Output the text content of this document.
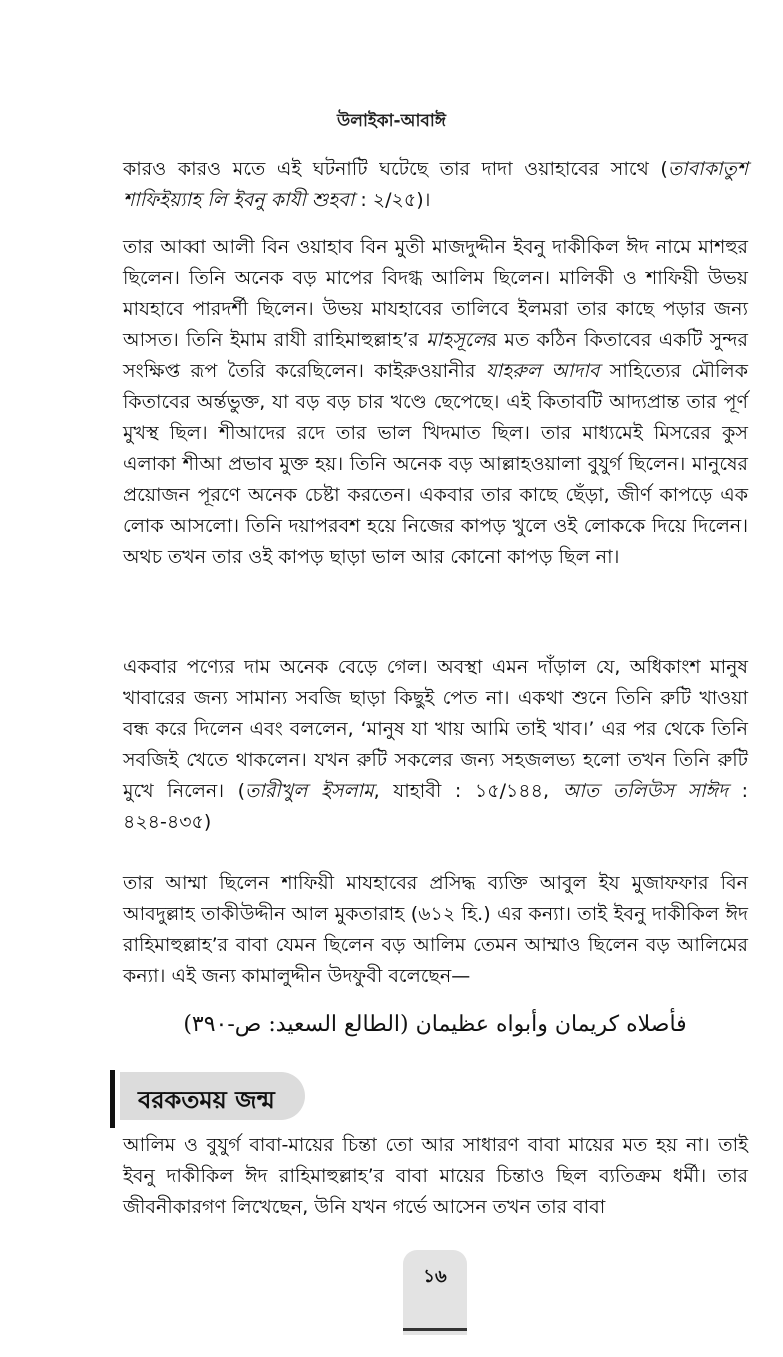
উলাইকা-আবাঈ

কারও কারও মতে এই ঘটনাটি ঘটেছে তার দাদা ওয়াহাবের সাথে (তাবাকাতুশ শাফিইয়্যাহ লি ইবনু কাযী শুহবা : ২/২৫)।

তার আব্বা আলী বিন ওয়াহাব বিন মুতী মাজদুদ্দীন ইবনু দাকীকিল ঈদ নামে মাশহুর ছিলেন। তিনি অনেক বড় মাপের বিদগ্ধ আলিম ছিলেন। মালিকী ও শাফিয়ী উভয় মাযহাবে পারদর্শী ছিলেন। উভয় মাযহাবের তালিবে ইলমরা তার কাছে পড়ার জন্য আসত। তিনি ইমাম রাযী রাহিমাহুল্লাহ’র মাহসূলের মত কঠিন কিতাবের একটি সুন্দর সংক্ষিপ্ত রূপ তৈরি করেছিলেন। কাইরুওয়ানীর যাহরুল আদাব সাহিত্যের মৌলিক কিতাবের অর্ন্তভুক্ত, যা বড় বড় চার খণ্ডে ছেপেছে। এই কিতাবটি আদ্যপ্রান্ত তার পূর্ণ মুখস্থ ছিল। শীআদের রদে তার ভাল খিদমাত ছিল। তার মাধ্যমেই মিসরের কুস এলাকা শীআ প্রভাব মুক্ত হয়। তিনি অনেক বড় আল্লাহওয়ালা বুযুর্গ ছিলেন। মানুষের প্রয়োজন পূরণে অনেক চেষ্টা করতেন। একবার তার কাছে ছেঁড়া, জীর্ণ কাপড়ে এক লোক আসলো। তিনি দয়াপরবশ হয়ে নিজের কাপড় খুলে ওই লোককে দিয়ে দিলেন। অথচ তখন তার ওই কাপড় ছাড়া ভাল আর কোনো কাপড় ছিল না।

একবার পণ্যের দাম অনেক বেড়ে গেল। অবস্থা এমন দাঁড়াল যে, অধিকাংশ মানুষ খাবারের জন্য সামান্য সবজি ছাড়া কিছুই পেত না। একথা শুনে তিনি রুটি খাওয়া বন্ধ করে দিলেন এবং বললেন, ‘মানুষ যা খায় আমি তাই খাব।’ এর পর থেকে তিনি সবজিই খেতে থাকলেন। যখন রুটি সকলের জন্য সহজলভ্য হলো তখন তিনি রুটি মুখে নিলেন। (তারীখুল ইসলাম, যাহাবী : ১৫/১৪৪, আত তলিউস সাঈদ : ৪২৪-৪৩৫)

তার আম্মা ছিলেন শাফিয়ী মাযহাবের প্রসিদ্ধ ব্যক্তি আবুল ইয মুজাফফার বিন আবদুল্লাহ তাকীউদ্দীন আল মুকতারাহ (৬১২ হি.) এর কন্যা। তাই ইবনু দাকীকিল ঈদ রাহিমাহুল্লাহ’র বাবা যেমন ছিলেন বড় আলিম তেমন আম্মাও ছিলেন বড় আলিমের কন্যা। এই জন্য কামালুদ্দীন উদফুবী বলেছেন—

فأصلاه كريمان وأبواه عظيمان (الطالع السعيد: ص-٣٩٠)
বরকতময় জন্ম

আলিম ও বুযুর্গ বাবা-মায়ের চিন্তা তো আর সাধারণ বাবা মায়ের মত হয় না। তাই ইবনু দাকীকিল ঈদ রাহিমাহুল্লাহ’র বাবা মায়ের চিন্তাও ছিল ব্যতিক্রম ধর্মী। তার জীবনীকারগণ লিখেছেন, উনি যখন গর্ভে আসেন তখন তার বাবা

১৬
